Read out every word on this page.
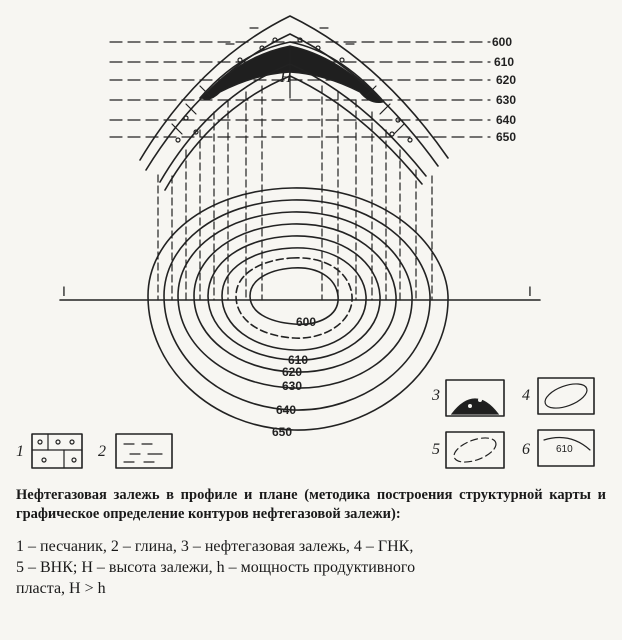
600
610
620
630
640
650
H
I	I
600
610
620
630
640
650
1	2
3	4
5	6	610

Нефтегазовая залежь в профиле и плане (методика построения структурной карты и графическое определение контуров нефтегазовой залежи):

1 – песчаник, 2 – глина, 3 – нефтегазовая залежь, 4 – ГНК,

5 – ВНК; H – высота залежи, h – мощность продуктивного

пласта, H > h
